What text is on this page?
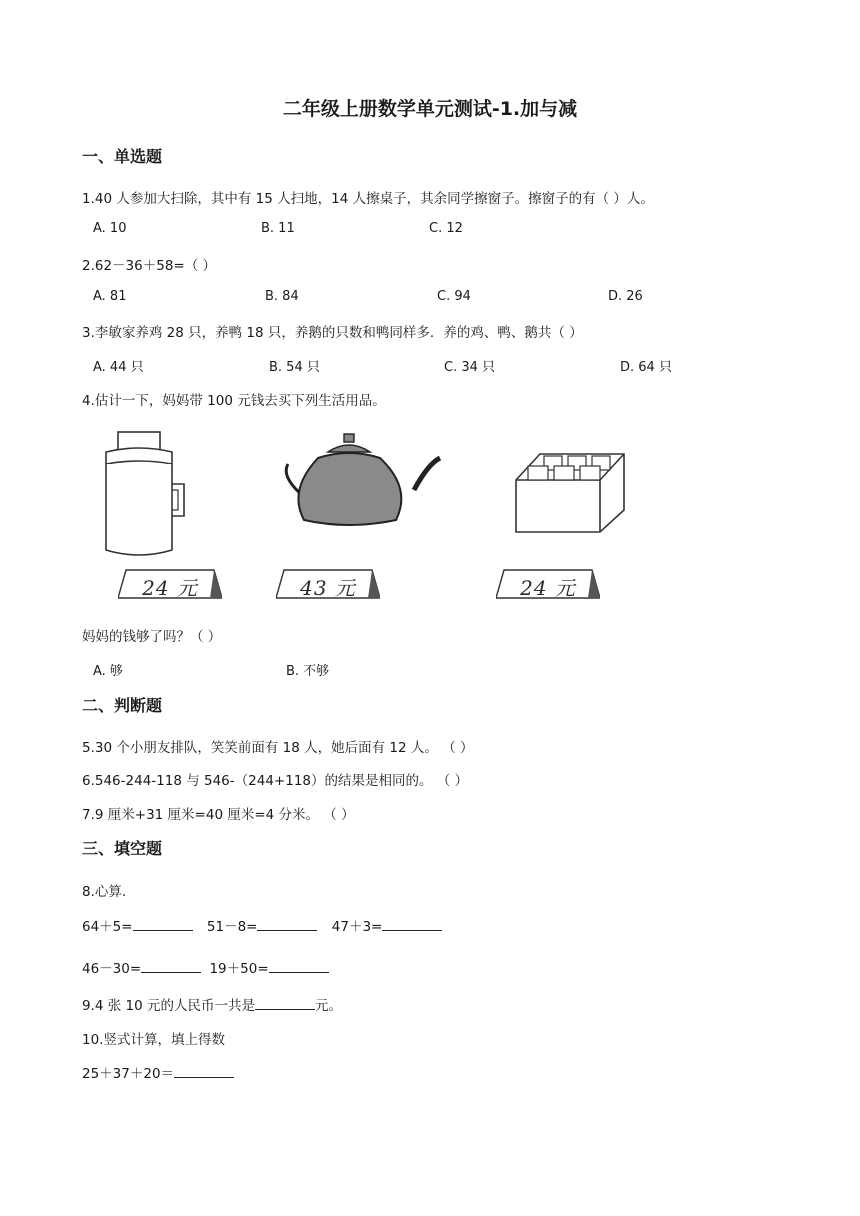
二年级上册数学单元测试-1.加与减
一、单选题
1.40 人参加大扫除，其中有 15 人扫地，14 人擦桌子，其余同学擦窗子。擦窗子的有（ ）人。
A. 10	B. 11	C. 12
2.62－36＋58=（ ）
A. 81	B. 84	C. 94	D. 26
3.李敏家养鸡 28 只，养鸭 18 只，养鹅的只数和鸭同样多．养的鸡、鸭、鹅共（ ）
A. 44 只	B. 54 只	C. 34 只	D. 64 只
4.估计一下，妈妈带 100 元钱去买下列生活用品。
24 元	43 元	24 元
妈妈的钱够了吗？（ ）
A. 够	B. 不够
二、判断题
5.30 个小朋友排队，笑笑前面有 18 人，她后面有 12 人。 （ ）
6.546-244-118 与 546-（244+118）的结果是相同的。 （ ）
7.9 厘米+31 厘米=40 厘米=4 分米。 （ ）
三、填空题
8.心算.
64＋5=	51－8=	47＋3=
46－30=	19＋50=
9.4 张 10 元的人民币一共是	元。
10.竖式计算，填上得数
25＋37＋20＝
